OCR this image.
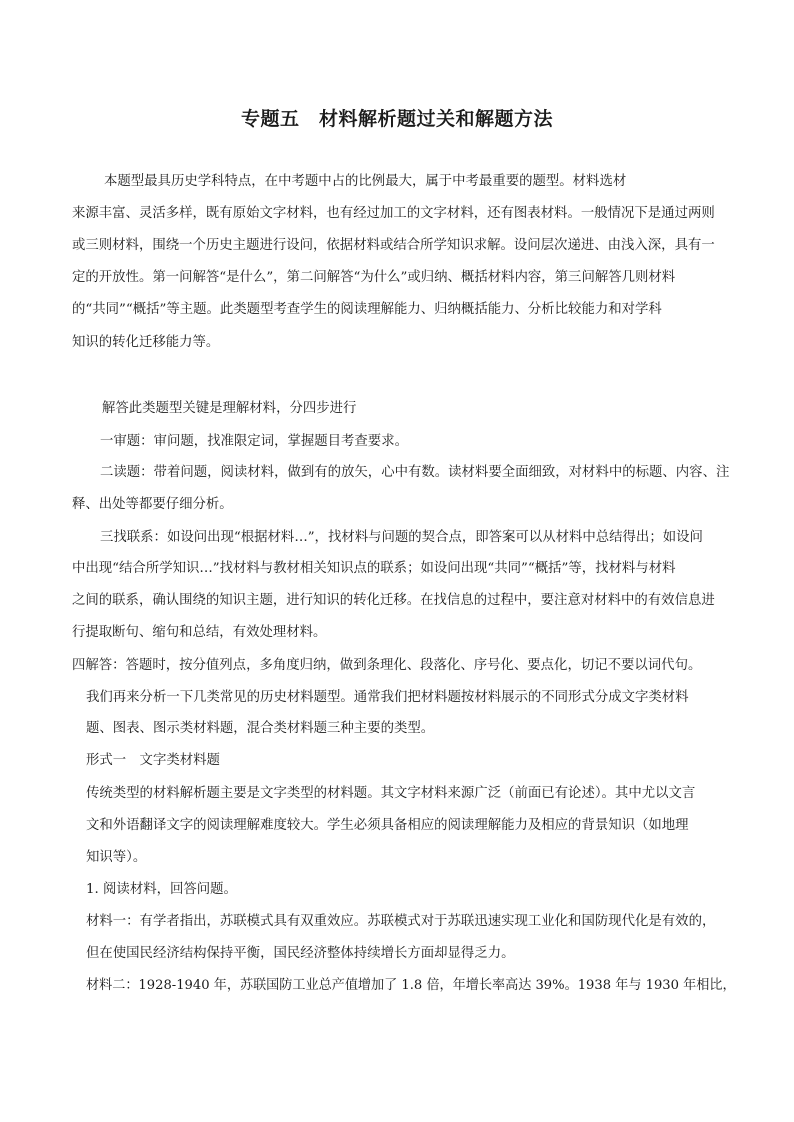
专题五　材料解析题过关和解题方法
本题型最具历史学科特点，在中考题中占的比例最大，属于中考最重要的题型。材料选材
来源丰富、灵活多样，既有原始文字材料，也有经过加工的文字材料，还有图表材料。一般情况下是通过两则
或三则材料，围绕一个历史主题进行设问，依据材料或结合所学知识求解。设问层次递进、由浅入深，具有一
定的开放性。第一问解答“是什么”，第二问解答“为什么”或归纳、概括材料内容，第三问解答几则材料
的“共同”“概括”等主题。此类题型考查学生的阅读理解能力、归纳概括能力、分析比较能力和对学科
知识的转化迁移能力等。
解答此类题型关键是理解材料，分四步进行
一审题：审问题，找准限定词，掌握题目考查要求。
二读题：带着问题，阅读材料，做到有的放矢，心中有数。读材料要全面细致，对材料中的标题、内容、注
释、出处等都要仔细分析。
三找联系：如设问出现“根据材料…”，找材料与问题的契合点，即答案可以从材料中总结得出；如设问
中出现“结合所学知识…”找材料与教材相关知识点的联系；如设问出现“共同”“概括”等，找材料与材料
之间的联系，确认围绕的知识主题，进行知识的转化迁移。在找信息的过程中，要注意对材料中的有效信息进
行提取断句、缩句和总结，有效处理材料。
四解答：答题时，按分值列点，多角度归纳，做到条理化、段落化、序号化、要点化，切记不要以词代句。
我们再来分析一下几类常见的历史材料题型。通常我们把材料题按材料展示的不同形式分成文字类材料
题、图表、图示类材料题，混合类材料题三种主要的类型。
形式一　文字类材料题
传统类型的材料解析题主要是文字类型的材料题。其文字材料来源广泛（前面已有论述）。其中尤以文言
文和外语翻译文字的阅读理解难度较大。学生必须具备相应的阅读理解能力及相应的背景知识（如地理
知识等）。
1. 阅读材料，回答问题。
材料一：有学者指出，苏联模式具有双重效应。苏联模式对于苏联迅速实现工业化和国防现代化是有效的，
但在使国民经济结构保持平衡，国民经济整体持续增长方面却显得乏力。
材料二：1928-1940 年，苏联国防工业总产值增加了 1.8 倍，年增长率高达 39%。1938 年与 1930 年相比，
